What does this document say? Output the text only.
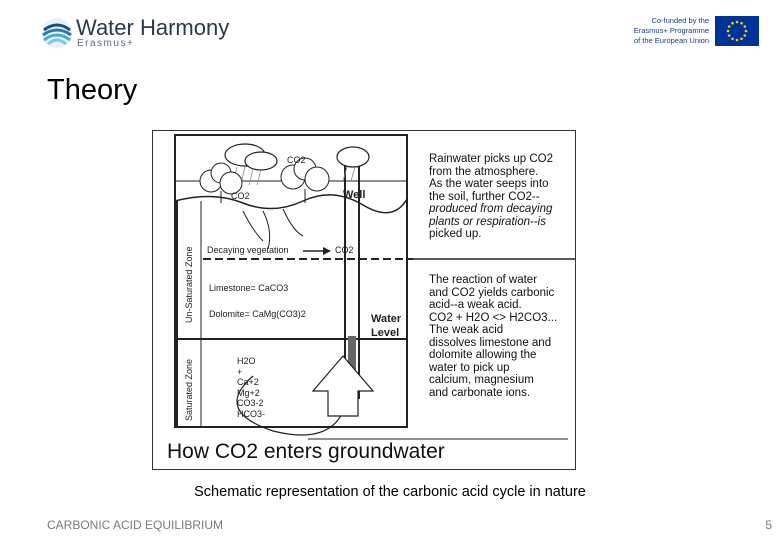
Water Harmony
Erasmus+
Co-funded by the
Erasmus+ Programme
of the European Union
Theory
Un-Saturated Zone
Saturated Zone
CO2
CO2	Well
Decaying vegetation	CO2
Limestone= CaCO3
Dolomite= CaMg(CO3)2	Water
Level
H2O
+
Ca+2
Mg+2
CO3-2
HCO3-
Rainwater picks up CO2
from the atmosphere.
As the water seeps into
the soil, further CO2--
produced from decaying
plants or respiration--is
picked up.
The reaction of water
and CO2 yields carbonic
acid--a weak acid.
CO2 + H2O <> H2CO3...
The weak acid
dissolves limestone and
dolomite allowing the
water to pick up
calcium, magnesium
and carbonate ions.
How CO2 enters groundwater
Schematic representation of the carbonic acid cycle in nature
CARBONIC ACID EQUILIBRIUM	5
